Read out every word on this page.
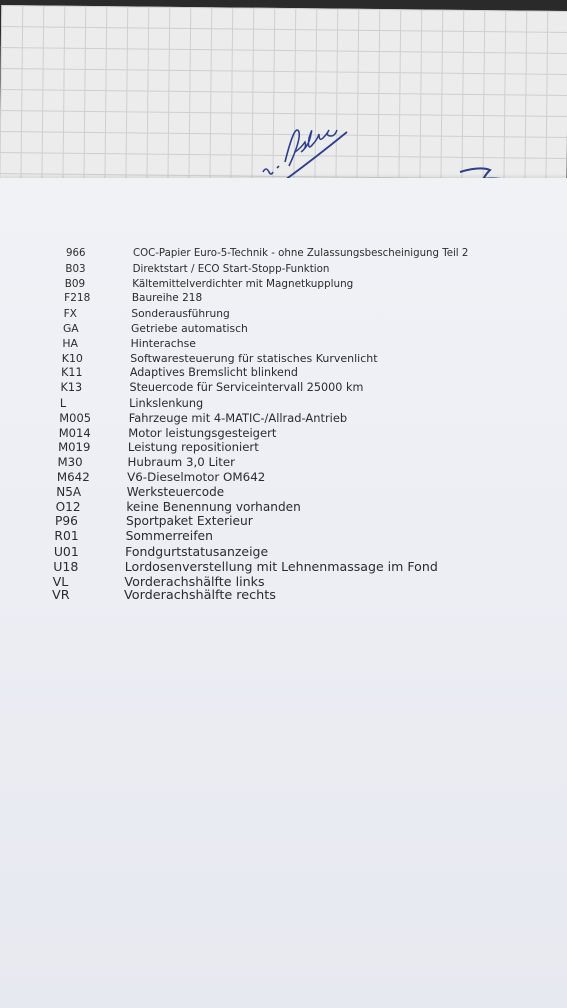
966	COC-Papier Euro-5-Technik - ohne Zulassungsbescheinigung Teil 2
B03	Direktstart / ECO Start-Stopp-Funktion
B09	Kältemittelverdichter mit Magnetkupplung
F218	Baureihe 218
FX	Sonderausführung
GA	Getriebe automatisch
HA	Hinterachse
K10	Softwaresteuerung für statisches Kurvenlicht
K11	Adaptives Bremslicht blinkend
K13	Steuercode für Serviceintervall 25000 km
L	Linkslenkung
M005	Fahrzeuge mit 4-MATIC-/Allrad-Antrieb
M014	Motor leistungsgesteigert
M019	Leistung repositioniert
M30	Hubraum 3,0 Liter
M642	V6-Dieselmotor OM642
N5A	Werksteuercode
O12	keine Benennung vorhanden
P96	Sportpaket Exterieur
R01	Sommerreifen
U01	Fondgurtstatusanzeige
U18	Lordosenverstellung mit Lehnenmassage im Fond
VL	Vorderachshälfte links
VR	Vorderachshälfte rechts
